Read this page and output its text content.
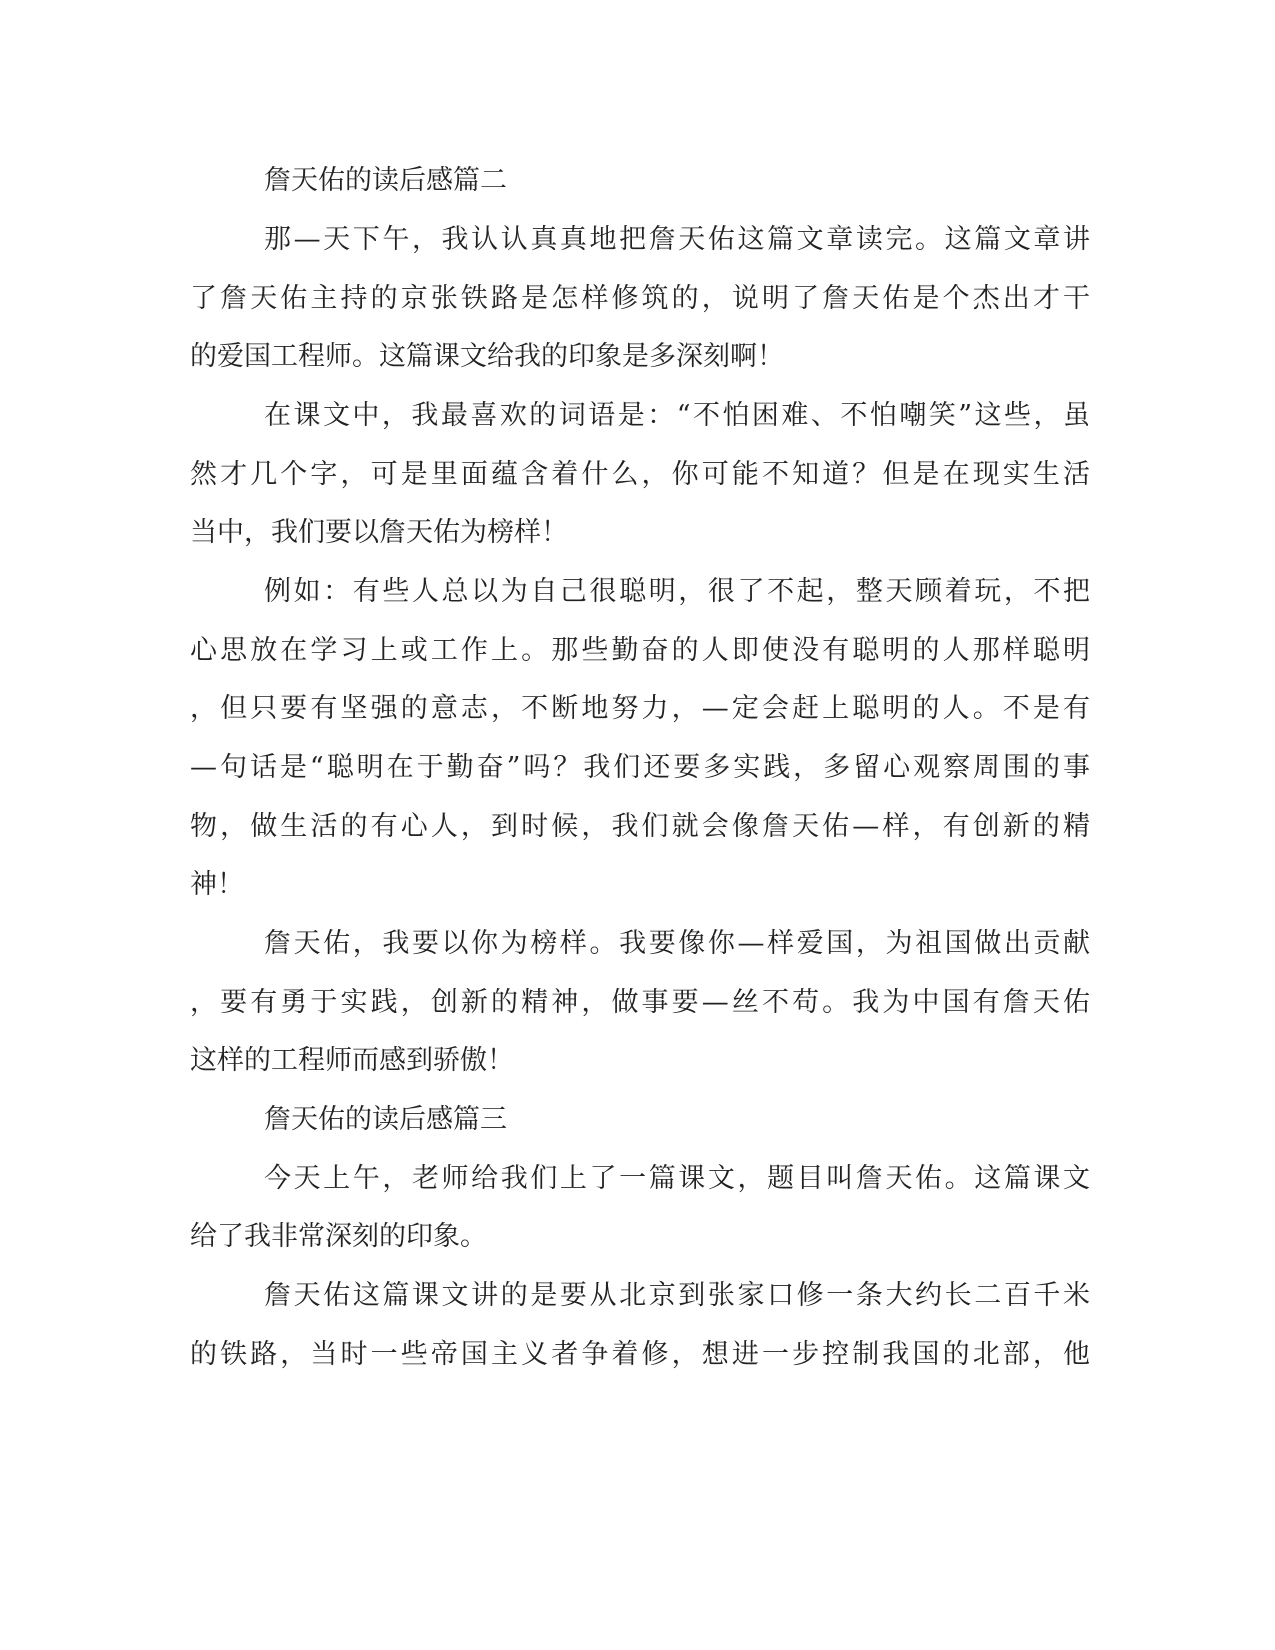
詹天佑的读后感篇二
那—天下午，我认认真真地把詹天佑这篇文章读完。这篇文章讲
了詹天佑主持的京张铁路是怎样修筑的，说明了詹天佑是个杰出才干
的爱国工程师。这篇课文给我的印象是多深刻啊！
在课文中，我最喜欢的词语是：“不怕困难、不怕嘲笑”这些，虽
然才几个字，可是里面蕴含着什么，你可能不知道？但是在现实生活
当中，我们要以詹天佑为榜样！
例如：有些人总以为自己很聪明，很了不起，整天顾着玩，不把
心思放在学习上或工作上。那些勤奋的人即使没有聪明的人那样聪明
，但只要有坚强的意志，不断地努力，—定会赶上聪明的人。不是有
—句话是“聪明在于勤奋”吗？我们还要多实践，多留心观察周围的事
物，做生活的有心人，到时候，我们就会像詹天佑—样，有创新的精
神！
詹天佑，我要以你为榜样。我要像你—样爱国，为祖国做出贡献
，要有勇于实践，创新的精神，做事要—丝不苟。我为中国有詹天佑
这样的工程师而感到骄傲！
詹天佑的读后感篇三
今天上午，老师给我们上了一篇课文，题目叫詹天佑。这篇课文
给了我非常深刻的印象。
詹天佑这篇课文讲的是要从北京到张家口修一条大约长二百千米
的铁路，当时一些帝国主义者争着修，想进一步控制我国的北部，他
